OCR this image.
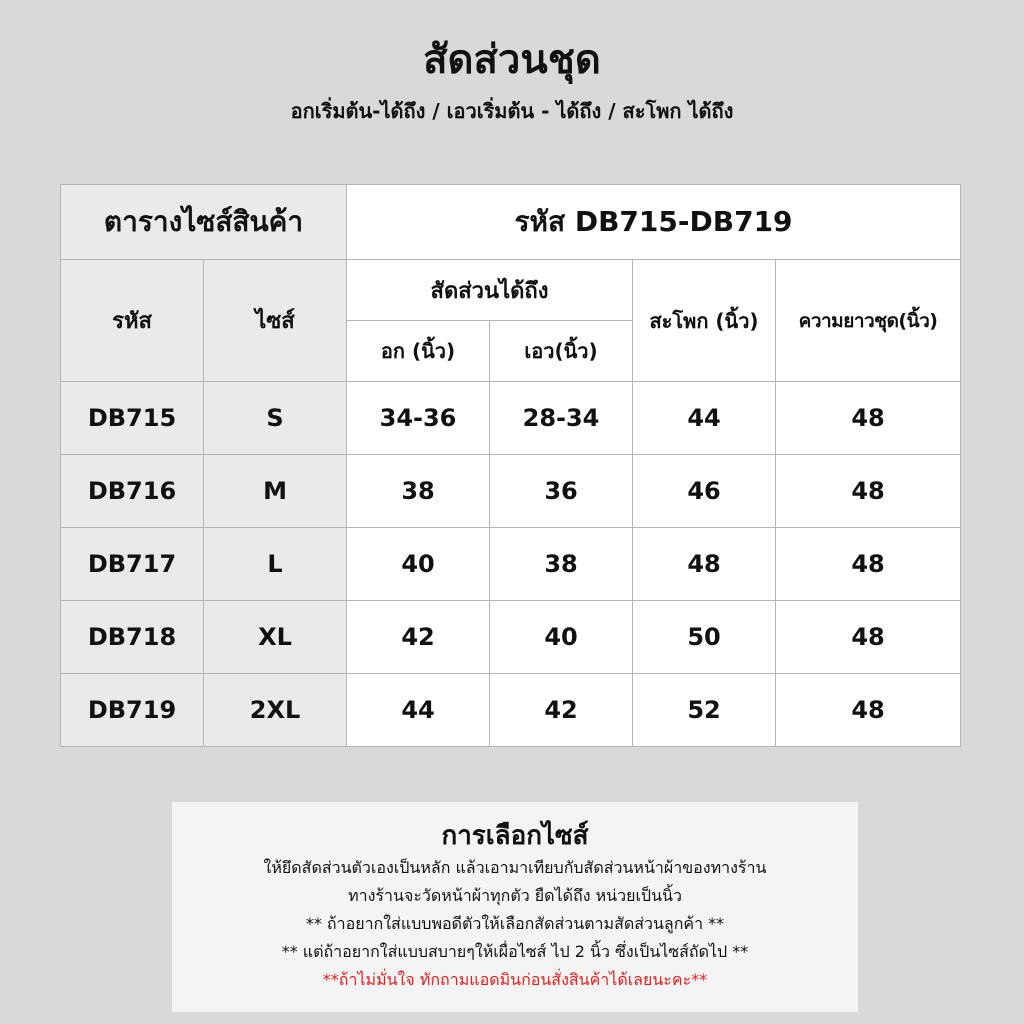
สัดส่วนชุด
อกเริ่มต้น-ได้ถึง / เอวเริ่มต้น - ได้ถึง / สะโพก ได้ถึง
ตารางไซส์สินค้า		รหัส DB715-DB719			
รหัส	ไซส์	สัดส่วนได้ถึง		สะโพก (นิ้ว)	ความยาวชุด(นิ้ว)
		อก (นิ้ว)	เอว(นิ้ว)		
DB715	S	34-36	28-34	44	48
DB716	M	38	36	46	48
DB717	L	40	38	48	48
DB718	XL	42	40	50	48
DB719	2XL	44	42	52	48
การเลือกไซส์
ให้ยึดสัดส่วนตัวเองเป็นหลัก แล้วเอามาเทียบกับสัดส่วนหน้าผ้าของทางร้าน
ทางร้านจะวัดหน้าผ้าทุกตัว ยืดได้ถึง หน่วยเป็นนิ้ว
** ถ้าอยากใส่แบบพอดีตัวให้เลือกสัดส่วนตามสัดส่วนลูกค้า **
** แต่ถ้าอยากใส่แบบสบายๆให้เผื่อไซส์ ไป 2 นิ้ว ซึ่งเป็นไซส์ถัดไป **
**ถ้าไม่มั่นใจ ทักถามแอดมินก่อนสั่งสินค้าได้เลยนะคะ**
